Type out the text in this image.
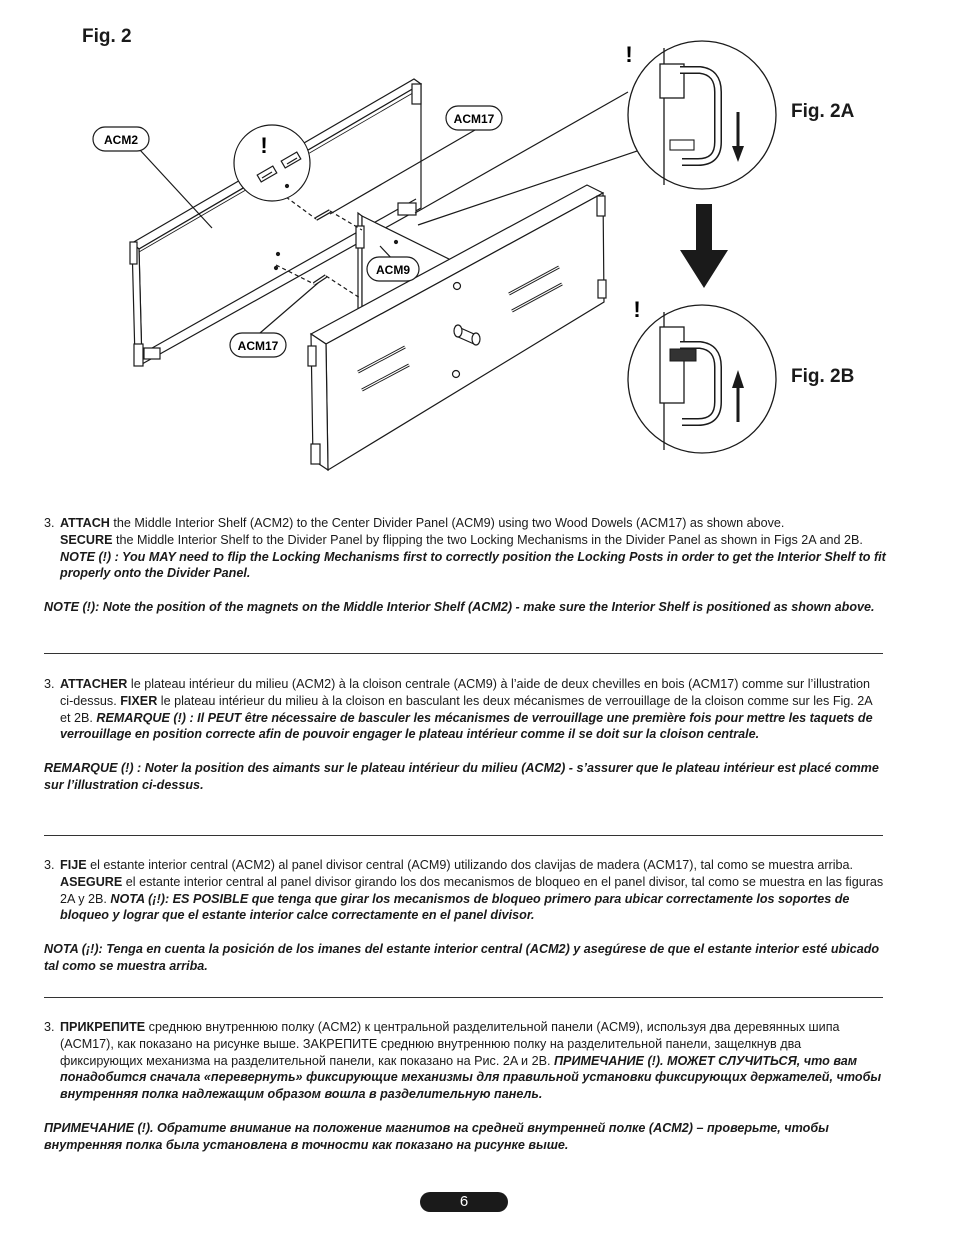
Fig. 2
Fig. 2A
Fig. 2B
ACM2
ACM17
ACM9
ACM17
!
!
!
3. ATTACH the Middle Interior Shelf (ACM2) to the Center Divider Panel (ACM9) using two Wood Dowels (ACM17) as shown above.
SECURE the Middle Interior Shelf to the Divider Panel by flipping the two Locking Mechanisms in the Divider Panel as shown in Figs 2A and 2B. NOTE (!) : You MAY need to flip the Locking Mechanisms first to correctly position the Locking Posts in order to get the Interior Shelf to fit properly onto the Divider Panel.
NOTE (!): Note the position of the magnets on the Middle Interior Shelf (ACM2) - make sure the Interior Shelf is positioned as shown above.
3. ATTACHER le plateau intérieur du milieu (ACM2) à la cloison centrale (ACM9) à l’aide de deux chevilles en bois (ACM17) comme sur l’illustration ci-dessus. FIXER le plateau intérieur du milieu à la cloison en basculant les deux mécanismes de verrouillage de la cloison comme sur les Fig. 2A et 2B. REMARQUE (!) : Il PEUT être nécessaire de basculer les mécanismes de verrouillage une première fois pour mettre les taquets de verrouillage en position correcte afin de pouvoir engager le plateau intérieur comme il se doit sur la cloison centrale.
REMARQUE (!) : Noter la position des aimants sur le plateau intérieur du milieu (ACM2) - s’assurer que le plateau intérieur est placé comme sur l’illustration ci-dessus.
3. FIJE el estante interior central (ACM2) al panel divisor central (ACM9) utilizando dos clavijas de madera (ACM17), tal como se muestra arriba. ASEGURE el estante interior central al panel divisor girando los dos mecanismos de bloqueo en el panel divisor, tal como se muestra en las figuras 2A y 2B. NOTA (¡!): ES POSIBLE que tenga que girar los mecanismos de bloqueo primero para ubicar correctamente los soportes de bloqueo y lograr que el estante interior calce correctamente en el panel divisor.
NOTA (¡!): Tenga en cuenta la posición de los imanes del estante interior central (ACM2) y asegúrese de que el estante interior esté ubicado tal como se muestra arriba.
3. ПРИКРЕПИТЕ среднюю внутреннюю полку (ACM2) к центральной разделительной панели (ACM9), используя два деревянных шипа (ACM17), как показано на рисунке выше. ЗАКРЕПИТЕ среднюю внутреннюю полку на разделительной панели, защелкнув два фиксирующих механизма на разделительной панели, как показано на Рис. 2A и 2B. ПРИМЕЧАНИЕ (!). МОЖЕТ СЛУЧИТЬСЯ, что вам понадобится сначала «перевернуть» фиксирующие механизмы для правильной установки фиксирующих держателей, чтобы внутренняя полка надлежащим образом вошла в разделительную панель.
ПРИМЕЧАНИЕ (!). Обратите внимание на положение магнитов на средней внутренней полке (ACM2) – проверьте, чтобы внутренняя полка была установлена в точности как показано на рисунке выше.
6
